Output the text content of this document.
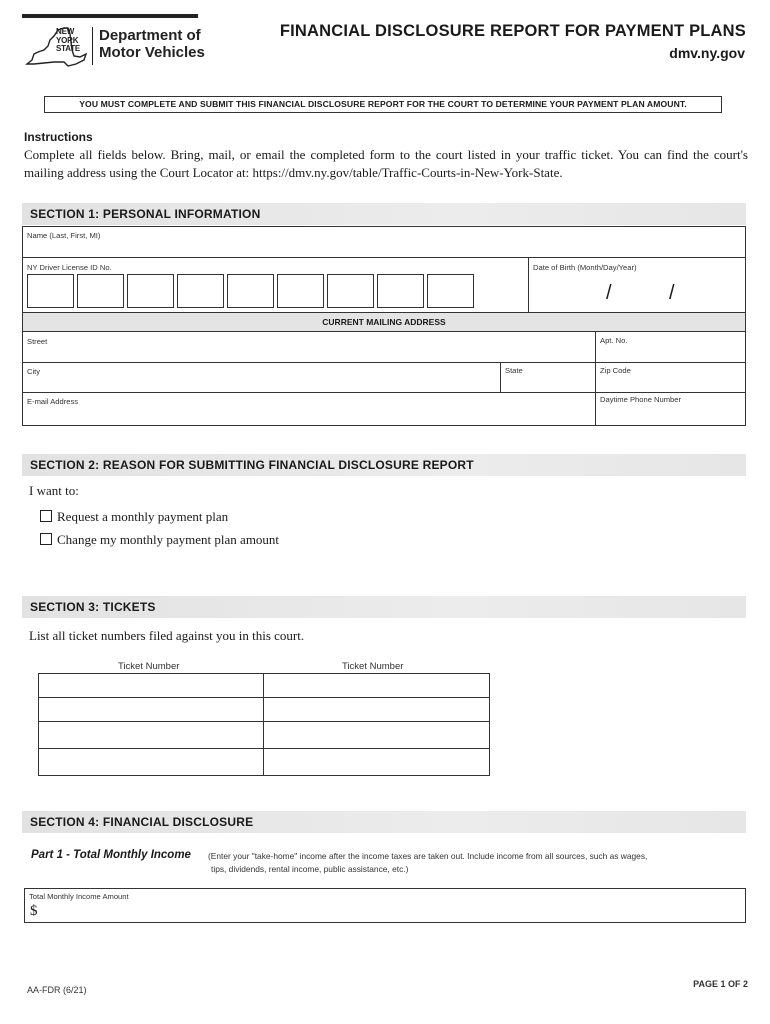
NEW YORK STATE
Department of
Motor Vehicles
FINANCIAL DISCLOSURE REPORT FOR PAYMENT PLANS
dmv.ny.gov
YOU MUST COMPLETE AND SUBMIT THIS FINANCIAL DISCLOSURE REPORT FOR THE COURT TO DETERMINE YOUR PAYMENT PLAN AMOUNT.
Instructions
Complete all fields below. Bring, mail, or email the completed form to the court listed in your traffic ticket. You can find the court's mailing address using the Court Locator at: https://dmv.ny.gov/table/Traffic-Courts-in-New-York-State.
SECTION 1: PERSONAL INFORMATION
Name (Last, First, MI)
NY Driver License ID No.	Date of Birth (Month/Day/Year)
/	/
CURRENT MAILING ADDRESS
Street	Apt. No.
City	State	Zip Code
E-mail Address	Daytime Phone Number
SECTION 2: REASON FOR SUBMITTING FINANCIAL DISCLOSURE REPORT
I want to:
Request a monthly payment plan
Change my monthly payment plan amount
SECTION 3: TICKETS
List all ticket numbers filed against you in this court.
Ticket Number	Ticket Number
SECTION 4: FINANCIAL DISCLOSURE
Part 1 - Total Monthly Income (Enter your "take-home" income after the income taxes are taken out. Include income from all sources, such as wages,
tips, dividends, rental income, public assistance, etc.)
Total Monthly Income Amount
$
AA-FDR (6/21)
PAGE 1 OF 2
